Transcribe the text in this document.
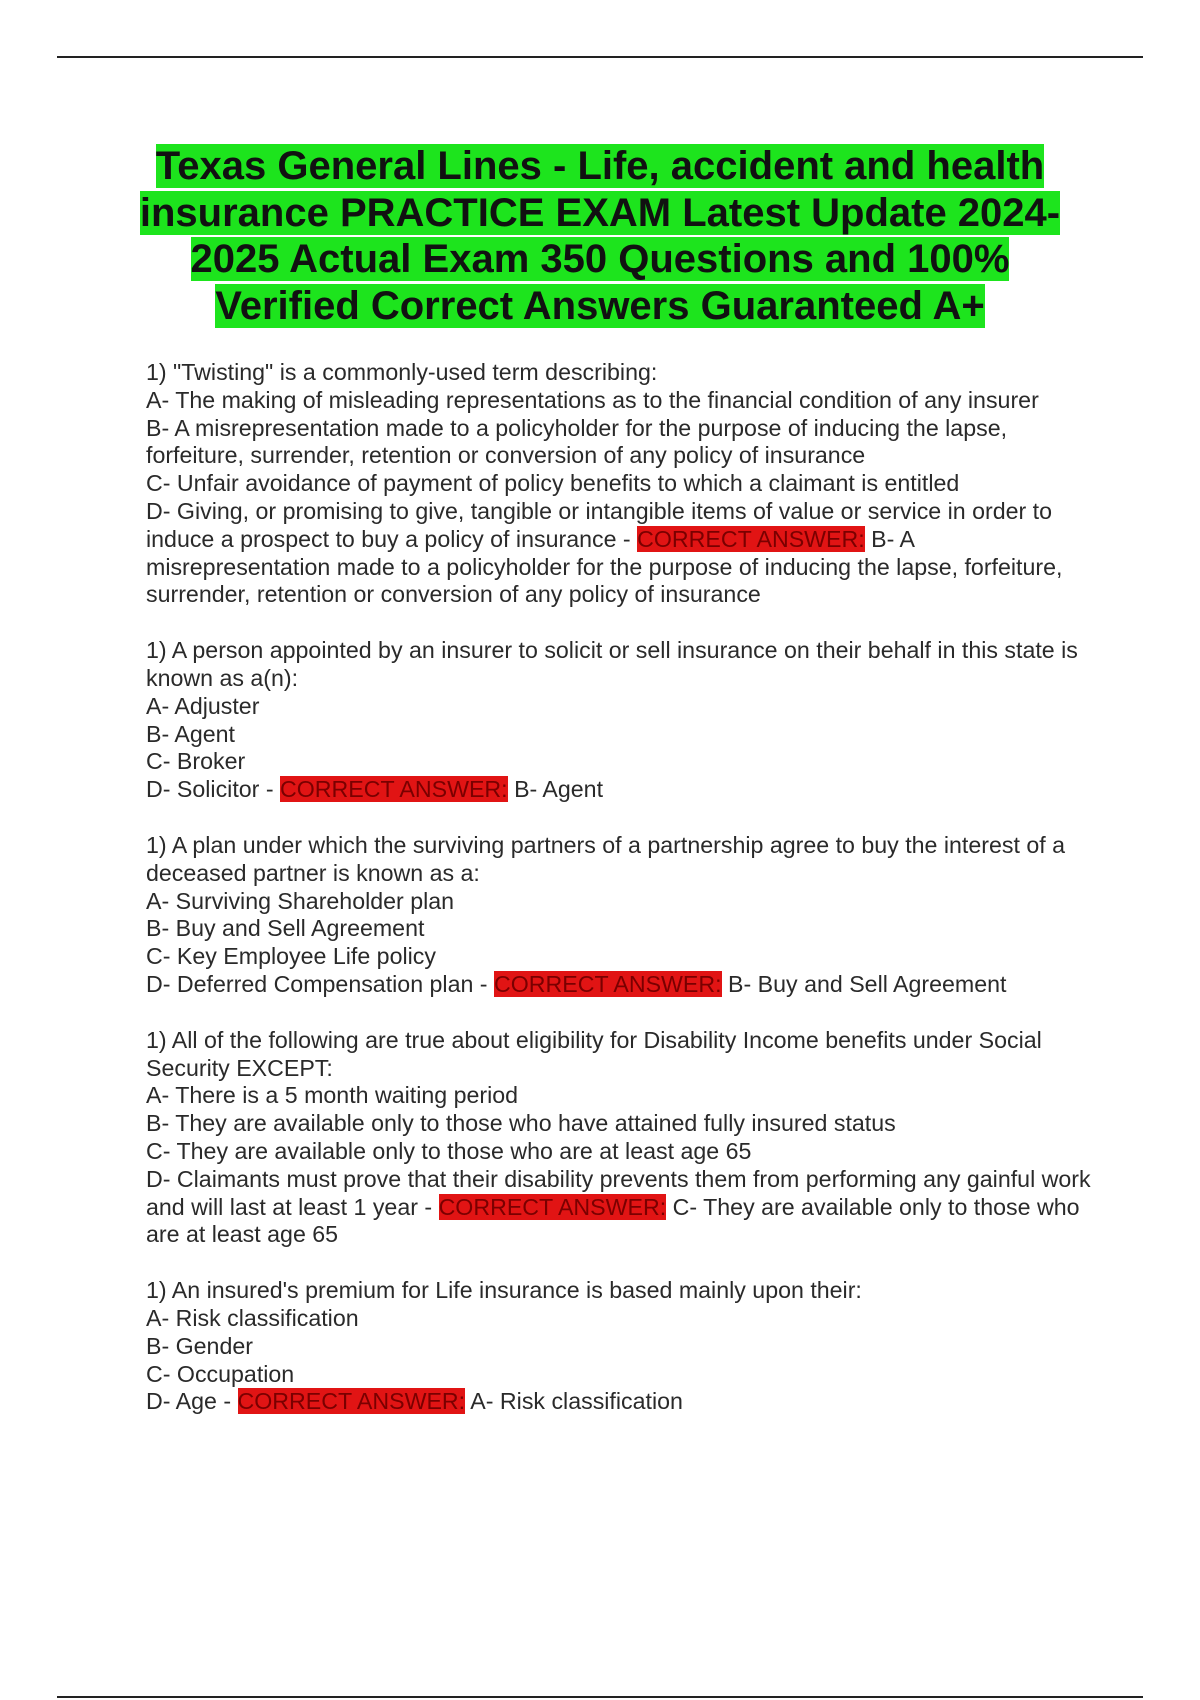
Texas General Lines - Life, accident and health insurance PRACTICE EXAM Latest Update 2024-2025 Actual Exam 350 Questions and 100% Verified Correct Answers Guaranteed A+

1) "Twisting" is a commonly-used term describing:

A- The making of misleading representations as to the financial condition of any insurer

B- A misrepresentation made to a policyholder for the purpose of inducing the lapse, forfeiture, surrender, retention or conversion of any policy of insurance

C- Unfair avoidance of payment of policy benefits to which a claimant is entitled

D- Giving, or promising to give, tangible or intangible items of value or service in order to induce a prospect to buy a policy of insurance - CORRECT ANSWER: B- A misrepresentation made to a policyholder for the purpose of inducing the lapse, forfeiture, surrender, retention or conversion of any policy of insurance

1) A person appointed by an insurer to solicit or sell insurance on their behalf in this state is known as a(n):

A- Adjuster

B- Agent

C- Broker

D- Solicitor - CORRECT ANSWER: B- Agent

1) A plan under which the surviving partners of a partnership agree to buy the interest of a deceased partner is known as a:

A- Surviving Shareholder plan

B- Buy and Sell Agreement

C- Key Employee Life policy

D- Deferred Compensation plan - CORRECT ANSWER: B- Buy and Sell Agreement

1) All of the following are true about eligibility for Disability Income benefits under Social Security EXCEPT:

A- There is a 5 month waiting period

B- They are available only to those who have attained fully insured status

C- They are available only to those who are at least age 65

D- Claimants must prove that their disability prevents them from performing any gainful work and will last at least 1 year - CORRECT ANSWER: C- They are available only to those who are at least age 65

1) An insured's premium for Life insurance is based mainly upon their:

A- Risk classification

B- Gender

C- Occupation

D- Age - CORRECT ANSWER: A- Risk classification
